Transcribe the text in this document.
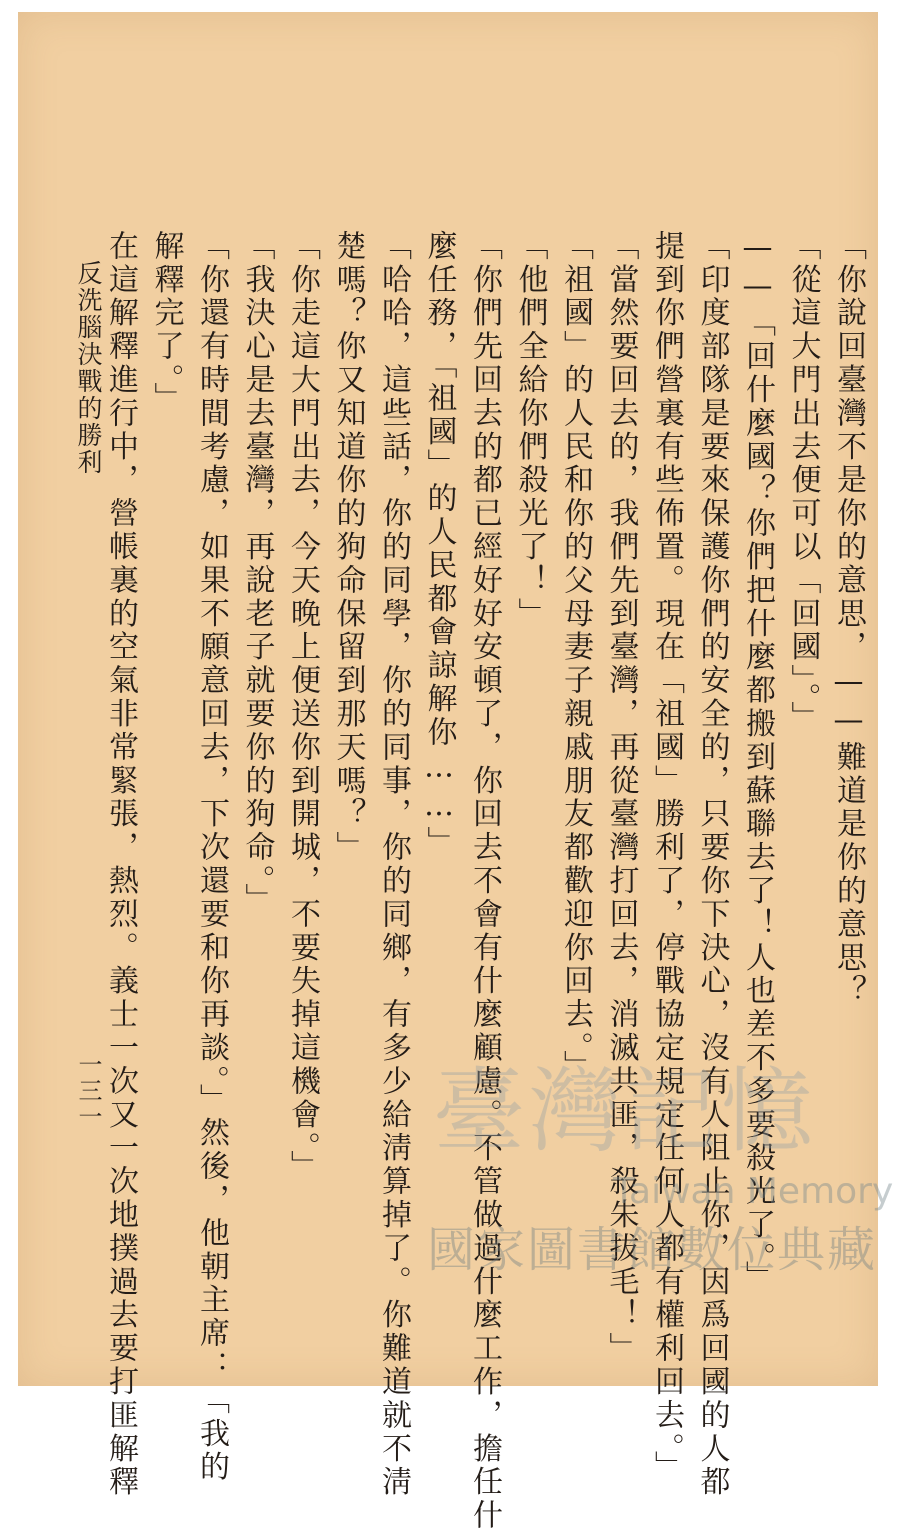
「你說回臺灣不是你的意思，——難道是你的意思？
「從這大門出去便可以「回國」。」
——「回什麼國？你們把什麼都搬到蘇聯去了！人也差不多要殺光了。」
「印度部隊是要來保護你們的安全的，只要你下決心，沒有人阻止你，因爲回國的人都
提到你們營裏有些佈置。現在「祖國」勝利了，停戰協定規定任何人都有權利回去。」
「當然要回去的，我們先到臺灣，再從臺灣打回去，消滅共匪，殺朱拔毛！」
「祖國」的人民和你的父母妻子親戚朋友都歡迎你回去。」
「他們全給你們殺光了！」
「你們先回去的都已經好好安頓了，你回去不會有什麼顧慮。不管做過什麼工作，擔任什
麼任務，「祖國」的人民都會諒解你……」
「哈哈，這些話，你的同學，你的同事，你的同鄉，有多少給淸算掉了。你難道就不淸
楚嗎？你又知道你的狗命保留到那天嗎？」
「你走這大門出去，今天晚上便送你到開城，不要失掉這機會。」
「我決心是去臺灣，再說老子就要你的狗命。」
「你還有時間考慮，如果不願意回去，下次還要和你再談。」然後，他朝主席：「我的
解釋完了。」
在這解釋進行中，營帳裏的空氣非常緊張，熱烈。義士一次又一次地撲過去要打匪解釋
反洗腦決戰的勝利
一三一	臺灣記憶
Taiwan Memory
國家圖書館數位典藏
